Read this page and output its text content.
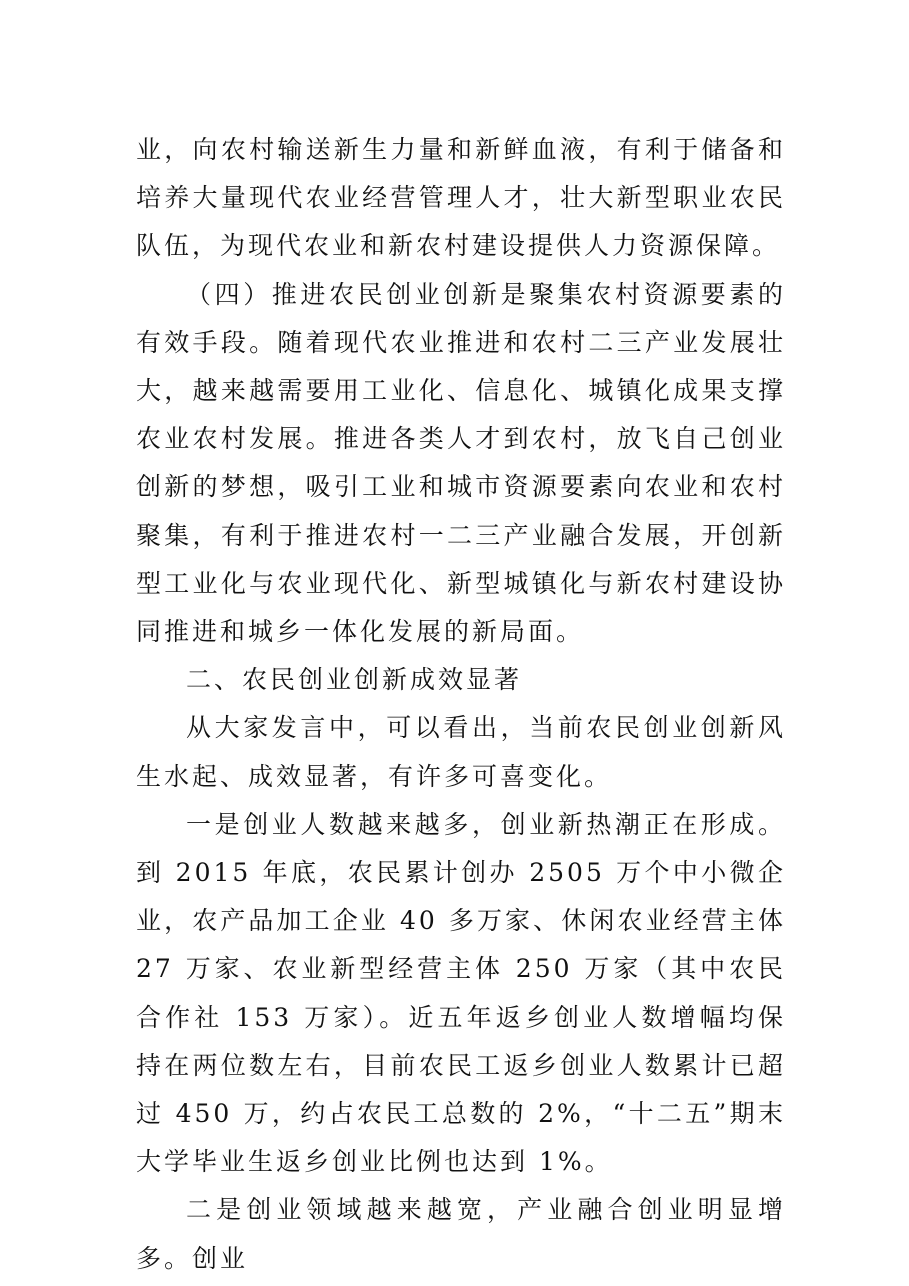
业，向农村输送新生力量和新鲜血液，有利于储备和培养大量现代农业经营管理人才，壮大新型职业农民队伍，为现代农业和新农村建设提供人力资源保障。

（四）推进农民创业创新是聚集农村资源要素的有效手段。随着现代农业推进和农村二三产业发展壮大，越来越需要用工业化、信息化、城镇化成果支撑农业农村发展。推进各类人才到农村，放飞自己创业创新的梦想，吸引工业和城市资源要素向农业和农村聚集，有利于推进农村一二三产业融合发展，开创新型工业化与农业现代化、新型城镇化与新农村建设协同推进和城乡一体化发展的新局面。

二、农民创业创新成效显著

从大家发言中，可以看出，当前农民创业创新风生水起、成效显著，有许多可喜变化。

一是创业人数越来越多，创业新热潮正在形成。到 2015 年底，农民累计创办 2505 万个中小微企业，农产品加工企业 40 多万家、休闲农业经营主体 27 万家、农业新型经营主体 250 万家（其中农民合作社 153 万家）。近五年返乡创业人数增幅均保持在两位数左右，目前农民工返乡创业人数累计已超过 450 万，约占农民工总数的 2%，“十二五”期末大学毕业生返乡创业比例也达到 1%。

二是创业领域越来越宽，产业融合创业明显增多。创业
